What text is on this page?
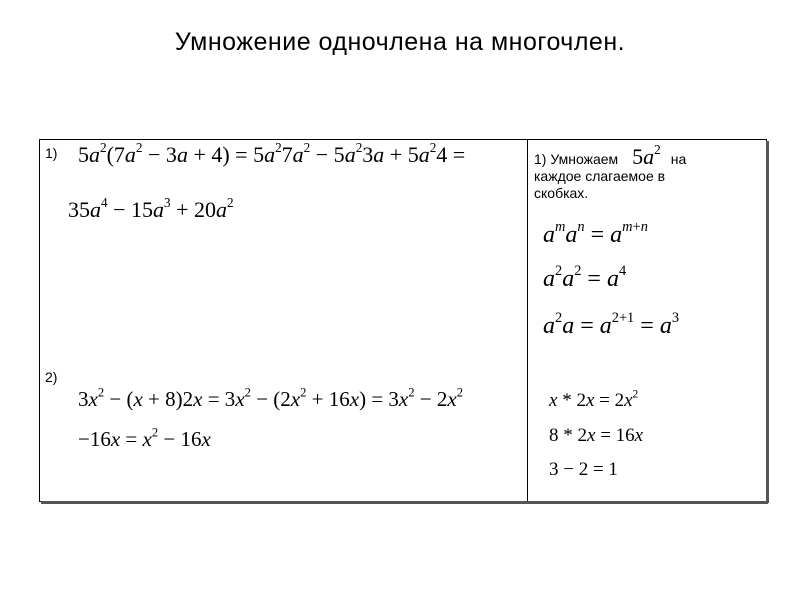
Умножение одночлена на многочлен.
1) $5a^2(7a^2 - 3a + 4) = 5a^27a^2 - 5a^23a + 5a^24$ =
$35a^4 - 15a^3 + 20a^2$
2)
$3x^2 - (x + 8)2x = 3x^2 - (2x^2 + 16x) = 3x^2 - 2x^2$
$-16x = x^2 - 16x$
1) Умножаем $5a^2на$
каждое слагаемое в
скобках.
$a^ma^n = a^{m+n}$
$a^2a^2 = a^4$
$a^2a = a^{2+1} = a^3$
$x * 2x = 2x^2$
8 * 2x = 16x
3 − 2 = 1
